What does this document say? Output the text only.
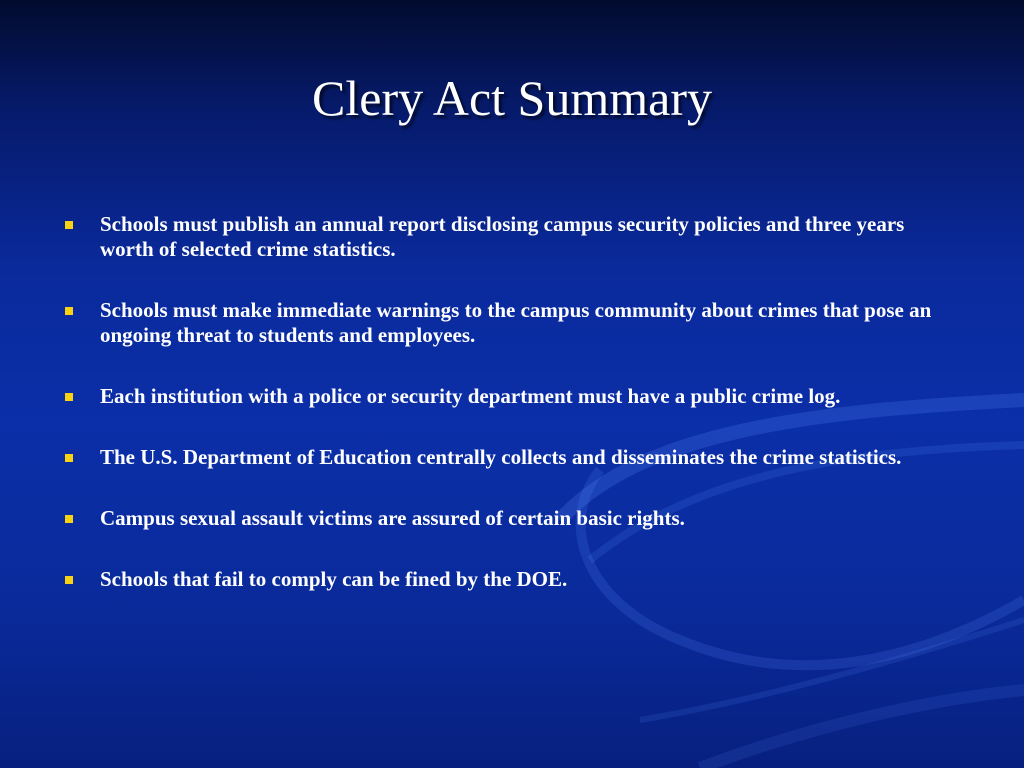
Clery Act Summary
Schools must publish an annual report disclosing campus security policies and three years worth of selected crime statistics.
Schools must make immediate warnings to the campus community about crimes that pose an ongoing threat to students and employees.
Each institution with a police or security department must have a public crime log.
The U.S. Department of Education centrally collects and disseminates the crime statistics.
Campus sexual assault victims are assured of certain basic rights.
Schools that fail to comply can be fined by the DOE.
